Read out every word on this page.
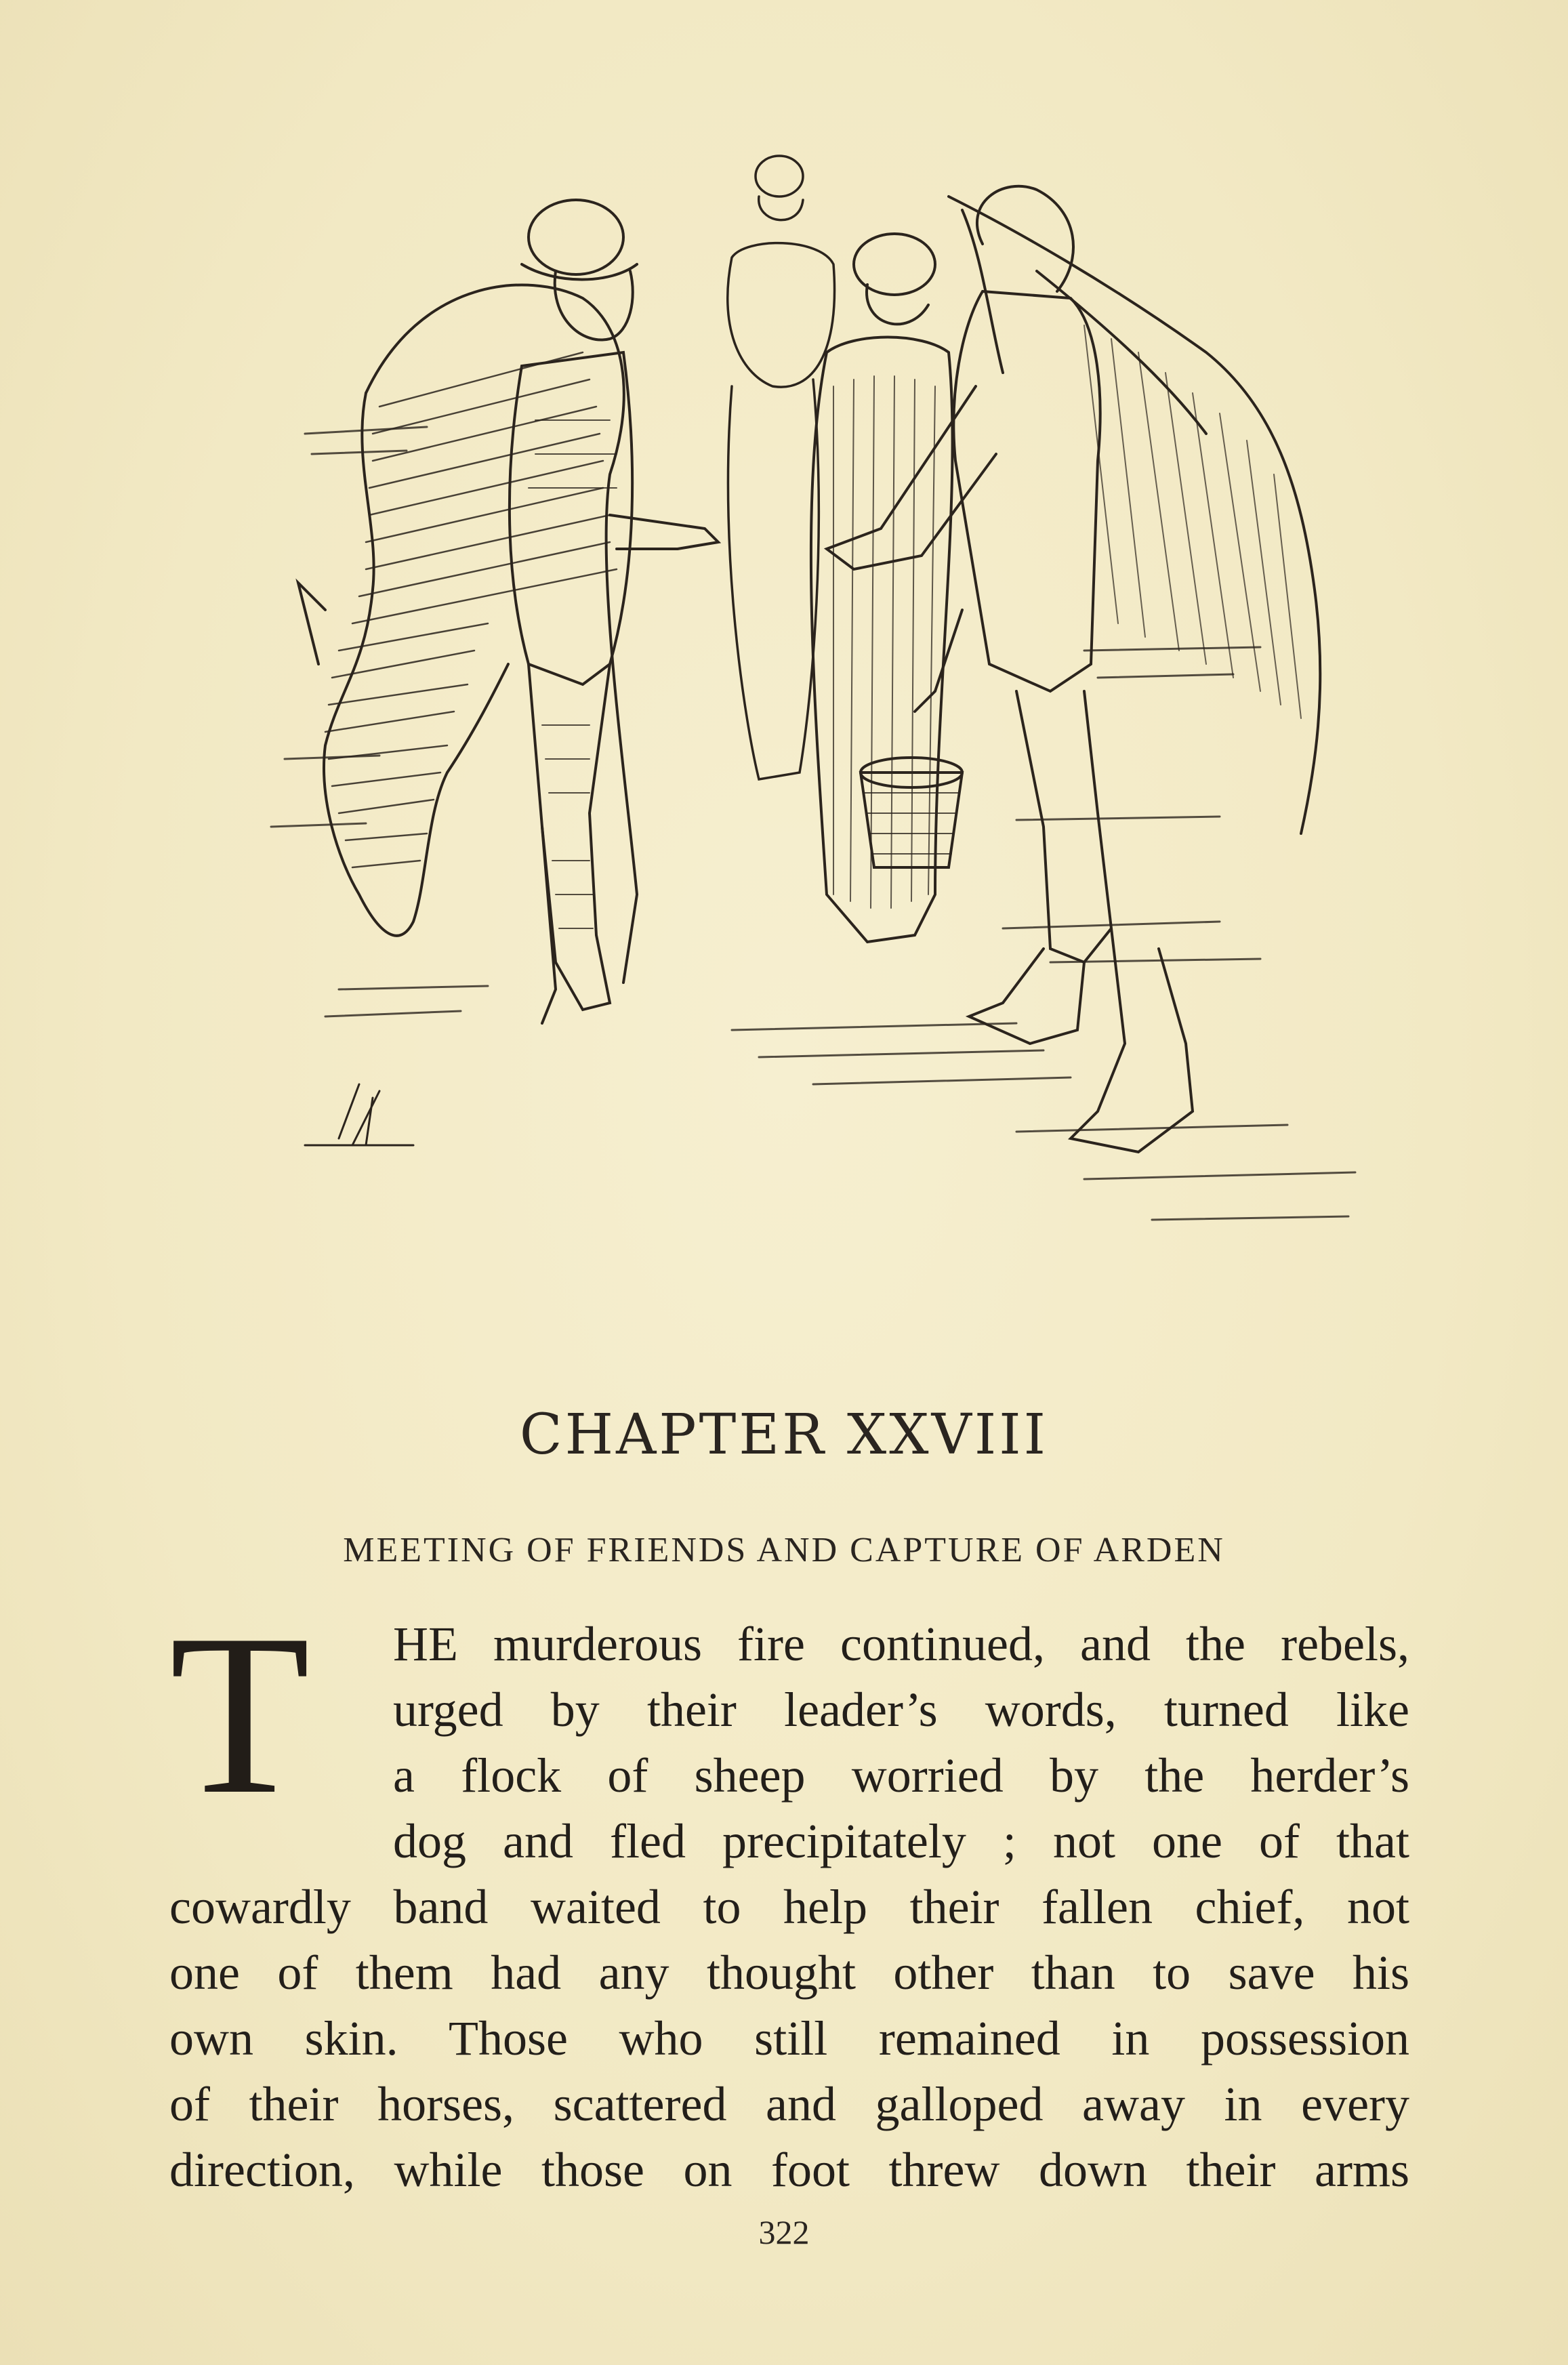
CHAPTER XXVIII
MEETING OF FRIENDS AND CAPTURE OF ARDEN
T	HE murderous fire continued, and the rebels,
urged by their leader’s words, turned like
a flock of sheep worried by the herder’s
dog and fled precipitately ; not one of that
cowardly band waited to help their fallen chief, not
one of them had any thought other than to save his
own skin. Those who still remained in possession
of their horses, scattered and galloped away in every
direction, while those on foot threw down their arms
322
